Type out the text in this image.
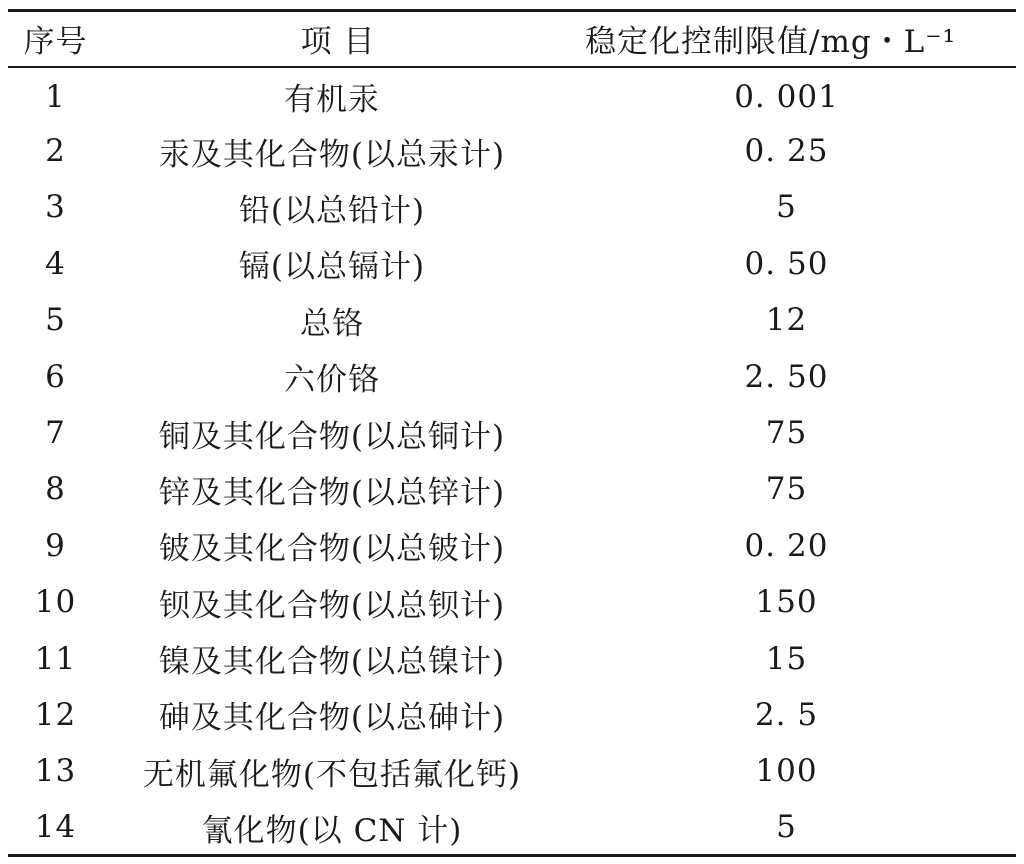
序号	项 目	稳定化控制限值/mg・L⁻¹
1	有机汞	0. 001
2	汞及其化合物(以总汞计)	0. 25
3	铅(以总铅计)	5
4	镉(以总镉计)	0. 50
5	总铬	12
6	六价铬	2. 50
7	铜及其化合物(以总铜计)	75
8	锌及其化合物(以总锌计)	75
9	铍及其化合物(以总铍计)	0. 20
10	钡及其化合物(以总钡计)	150
11	镍及其化合物(以总镍计)	15
12	砷及其化合物(以总砷计)	2. 5
13	无机氟化物(不包括氟化钙)	100
14	氰化物(以 CN 计)	5
